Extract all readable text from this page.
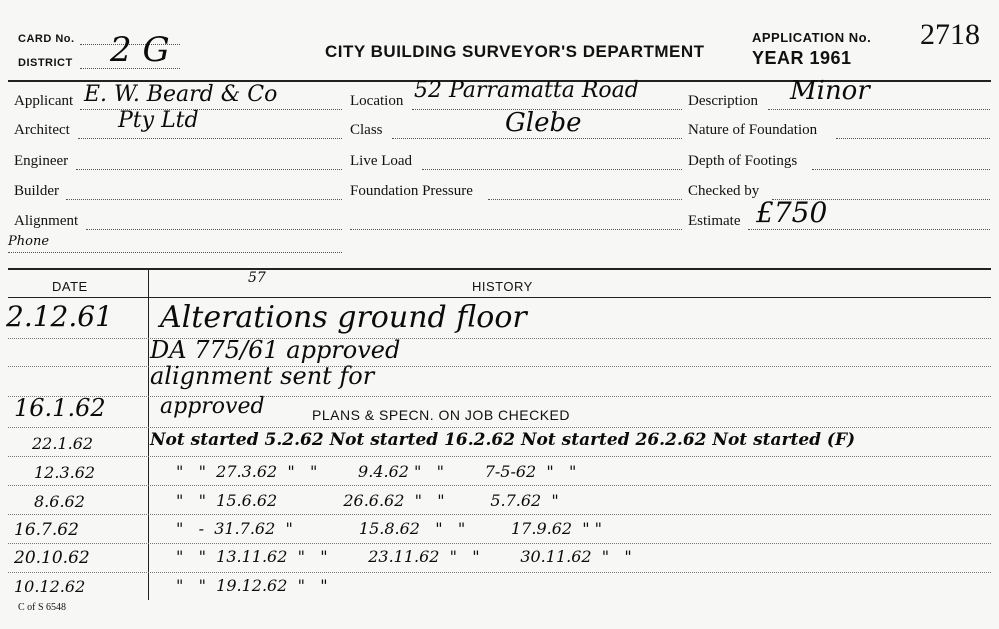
CARD No.
DISTRICT 2 G	CITY BUILDING SURVEYOR'S DEPARTMENT
APPLICATION No. 2718
YEAR 1961
Applicant E. W. Beard & Co
Architect Pty Ltd
Engineer
Builder
Alignment
Phone
Location 52 Parramatta Road
Class	Glebe
Live Load
Foundation Pressure
Description Minor
Nature of Foundation
Depth of Footings
Checked by
Estimate £750
DATE	HISTORY
57
2.12.61 Alterations ground floor
DA 775/61 approved
alignment sent for
16.1.62 approved	PLANS & SPECN. ON JOB CHECKED
22.1.62	Not started 5.2.62 Not started 16.2.62 Not started 26.2.62 Not started (F)
12.3.62	"   "  27.3.62  "   "        9.4.62 "   "        7-5-62  "   "
8.6.62	"   "  15.6.62             26.6.62  "   "         5.7.62  "
16.7.62	"   -  31.7.62  "             15.8.62   "   "         17.9.62  " "
20.10.62	"   "  13.11.62  "   "        23.11.62  "   "        30.11.62  "   "
10.12.62	"   "  19.12.62  "   "
C of S 6548
